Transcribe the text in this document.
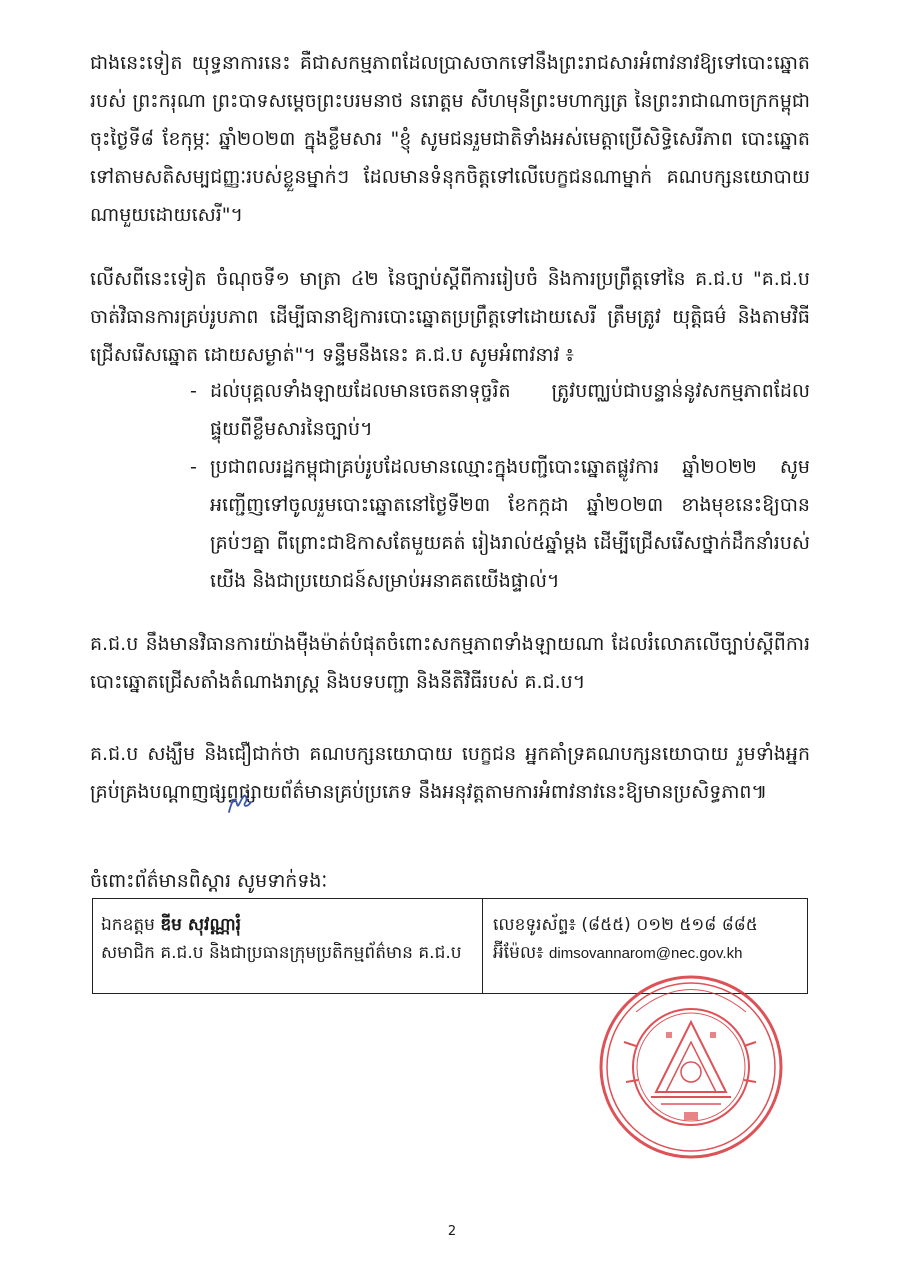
ជាងនេះទៀត យុទ្ធនាការនេះ គឺជាសកម្មភាពដែលប្រាសចាកទៅនឹងព្រះរាជសារអំពាវនាវឱ្យទៅបោះឆ្នោតរបស់ ព្រះករុណា ព្រះបាទសម្តេចព្រះបរមនាថ នរោត្តម សីហមុនីព្រះមហាក្សត្រ នៃព្រះរាជាណាចក្រកម្ពុជា ចុះថ្ងៃទី៨ ខែកុម្ភៈ ឆ្នាំ២០២៣ ក្នុងខ្លឹមសារ "ខ្ញុំ សូមជនរួមជាតិទាំងអស់មេត្តាប្រើសិទ្ធិសេរីភាព បោះឆ្នោតទៅតាមសតិសម្បជញ្ញៈរបស់ខ្លួនម្នាក់ៗ ដែលមានទំនុកចិត្តទៅលើបេក្ខជនណាម្នាក់ គណបក្សនយោបាយណាមួយដោយសេរី"។

លើសពីនេះទៀត ចំណុចទី១ មាត្រា ៤២ នៃច្បាប់ស្តីពីការរៀបចំ និងការប្រព្រឹត្តទៅនៃ គ.ជ.ប "គ.ជ.ប ចាត់វិធានការគ្រប់រូបភាព ដើម្បីធានាឱ្យការបោះឆ្នោតប្រព្រឹត្តទៅដោយសេរី ត្រឹមត្រូវ យុត្តិធម៌ និងតាមវិធីជ្រើសរើសឆ្នោត ដោយសម្ងាត់"។ ទន្ទឹមនឹងនេះ គ.ជ.ប សូមអំពាវនាវ ៖

- ដល់បុគ្គលទាំងឡាយដែលមានចេតនាទុច្ចរិត ត្រូវបញ្ឈប់ជាបន្ទាន់នូវសកម្មភាពដែលផ្ទុយពីខ្លឹមសារនៃច្បាប់។
- ប្រជាពលរដ្ឋកម្ពុជាគ្រប់រូបដែលមានឈ្មោះក្នុងបញ្ជីបោះឆ្នោតផ្លូវការ ឆ្នាំ២០២២ សូមអញ្ជើញទៅចូលរួមបោះឆ្នោតនៅថ្ងៃទី២៣ ខែកក្កដា ឆ្នាំ២០២៣ ខាងមុខនេះឱ្យបានគ្រប់ៗគ្នា ពីព្រោះជាឱកាសតែមួយគត់ រៀងរាល់៥ឆ្នាំម្តង ដើម្បីជ្រើសរើសថ្នាក់ដឹកនាំរបស់យើង និងជាប្រយោជន៍សម្រាប់អនាគតយើងផ្ទាល់។

គ.ជ.ប នឹងមានវិធានការយ៉ាងម៉ឺងម៉ាត់បំផុតចំពោះសកម្មភាពទាំងឡាយណា ដែលរំលោភលើច្បាប់ស្តីពីការបោះឆ្នោតជ្រើសតាំងតំណាងរាស្ត្រ និងបទបញ្ជា និងនីតិវិធីរបស់ គ.ជ.ប។

គ.ជ.ប សង្ឃឹម និងជឿជាក់ថា គណបក្សនយោបាយ បេក្ខជន អ្នកគាំទ្រគណបក្សនយោបាយ រួមទាំងអ្នកគ្រប់គ្រងបណ្តាញផ្សព្វផ្សាយព័ត៌មានគ្រប់ប្រភេទ នឹងអនុវត្តតាមការអំពាវនាវនេះឱ្យមានប្រសិទ្ធភាព៕

ចំពោះព័ត៌មានពិស្តារ សូមទាក់ទងៈ

ឯកឧត្តម ឌីម សុវណ្ណារុំ
សមាជិក គ.ជ.ប និងជាប្រធានក្រុមប្រតិកម្មព័ត៌មាន គ.ជ.ប
លេខទូរស័ព្ទ៖ (៨៥៥) ០១២ ៥១៨ ៨៨៥
អ៊ីម៉ែល៖ dimsovannarom@nec.gov.kh
2
